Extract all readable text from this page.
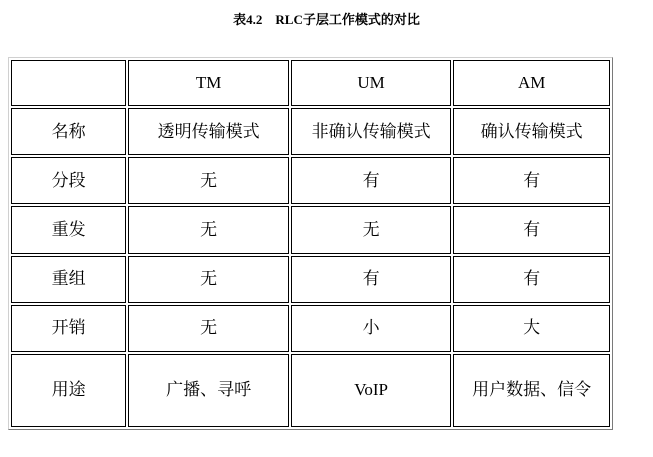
表4.2　RLC子层工作模式的对比
	TM	UM	AM
名称	透明传输模式	非确认传输模式	确认传输模式
分段	无	有	有
重发	无	无	有
重组	无	有	有
开销	无	小	大
用途	广播、寻呼	VoIP	用户数据、信令
